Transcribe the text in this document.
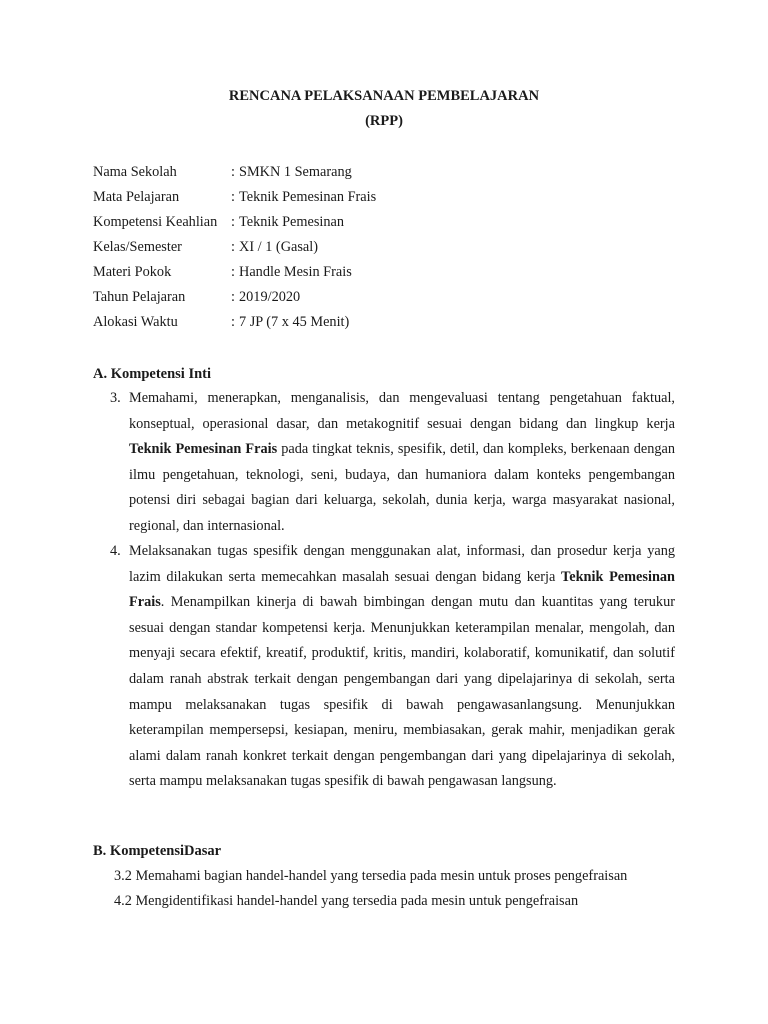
RENCANA PELAKSANAAN PEMBELAJARAN
(RPP)
Nama Sekolah	: SMKN 1 Semarang
Mata Pelajaran	: Teknik Pemesinan Frais
Kompetensi Keahlian : Teknik Pemesinan
Kelas/Semester	: XI / 1 (Gasal)
Materi Pokok	: Handle Mesin Frais
Tahun Pelajaran	: 2019/2020
Alokasi Waktu	: 7 JP (7 x 45 Menit)
A. Kompetensi Inti
3. Memahami, menerapkan, menganalisis, dan mengevaluasi tentang pengetahuan faktual, konseptual, operasional dasar, dan metakognitif sesuai dengan bidang dan lingkup kerja Teknik Pemesinan Frais pada tingkat teknis, spesifik, detil, dan kompleks, berkenaan dengan ilmu pengetahuan, teknologi, seni, budaya, dan humaniora dalam konteks pengembangan potensi diri sebagai bagian dari keluarga, sekolah, dunia kerja, warga masyarakat nasional, regional, dan internasional.
4. Melaksanakan tugas spesifik dengan menggunakan alat, informasi, dan prosedur kerja yang lazim dilakukan serta memecahkan masalah sesuai dengan bidang kerja Teknik Pemesinan Frais. Menampilkan kinerja di bawah bimbingan dengan mutu dan kuantitas yang terukur sesuai dengan standar kompetensi kerja. Menunjukkan keterampilan menalar, mengolah, dan menyaji secara efektif, kreatif, produktif, kritis, mandiri, kolaboratif, komunikatif, dan solutif dalam ranah abstrak terkait dengan pengembangan dari yang dipelajarinya di sekolah, serta mampu melaksanakan tugas spesifik di bawah pengawasanlangsung. Menunjukkan keterampilan mempersepsi, kesiapan, meniru, membiasakan, gerak mahir, menjadikan gerak alami dalam ranah konkret terkait dengan pengembangan dari yang dipelajarinya di sekolah, serta mampu melaksanakan tugas spesifik di bawah pengawasan langsung.
B. KompetensiDasar
3.2 Memahami bagian handel-handel yang tersedia pada mesin untuk proses pengefraisan
4.2 Mengidentifikasi handel-handel yang tersedia pada mesin untuk pengefraisan
